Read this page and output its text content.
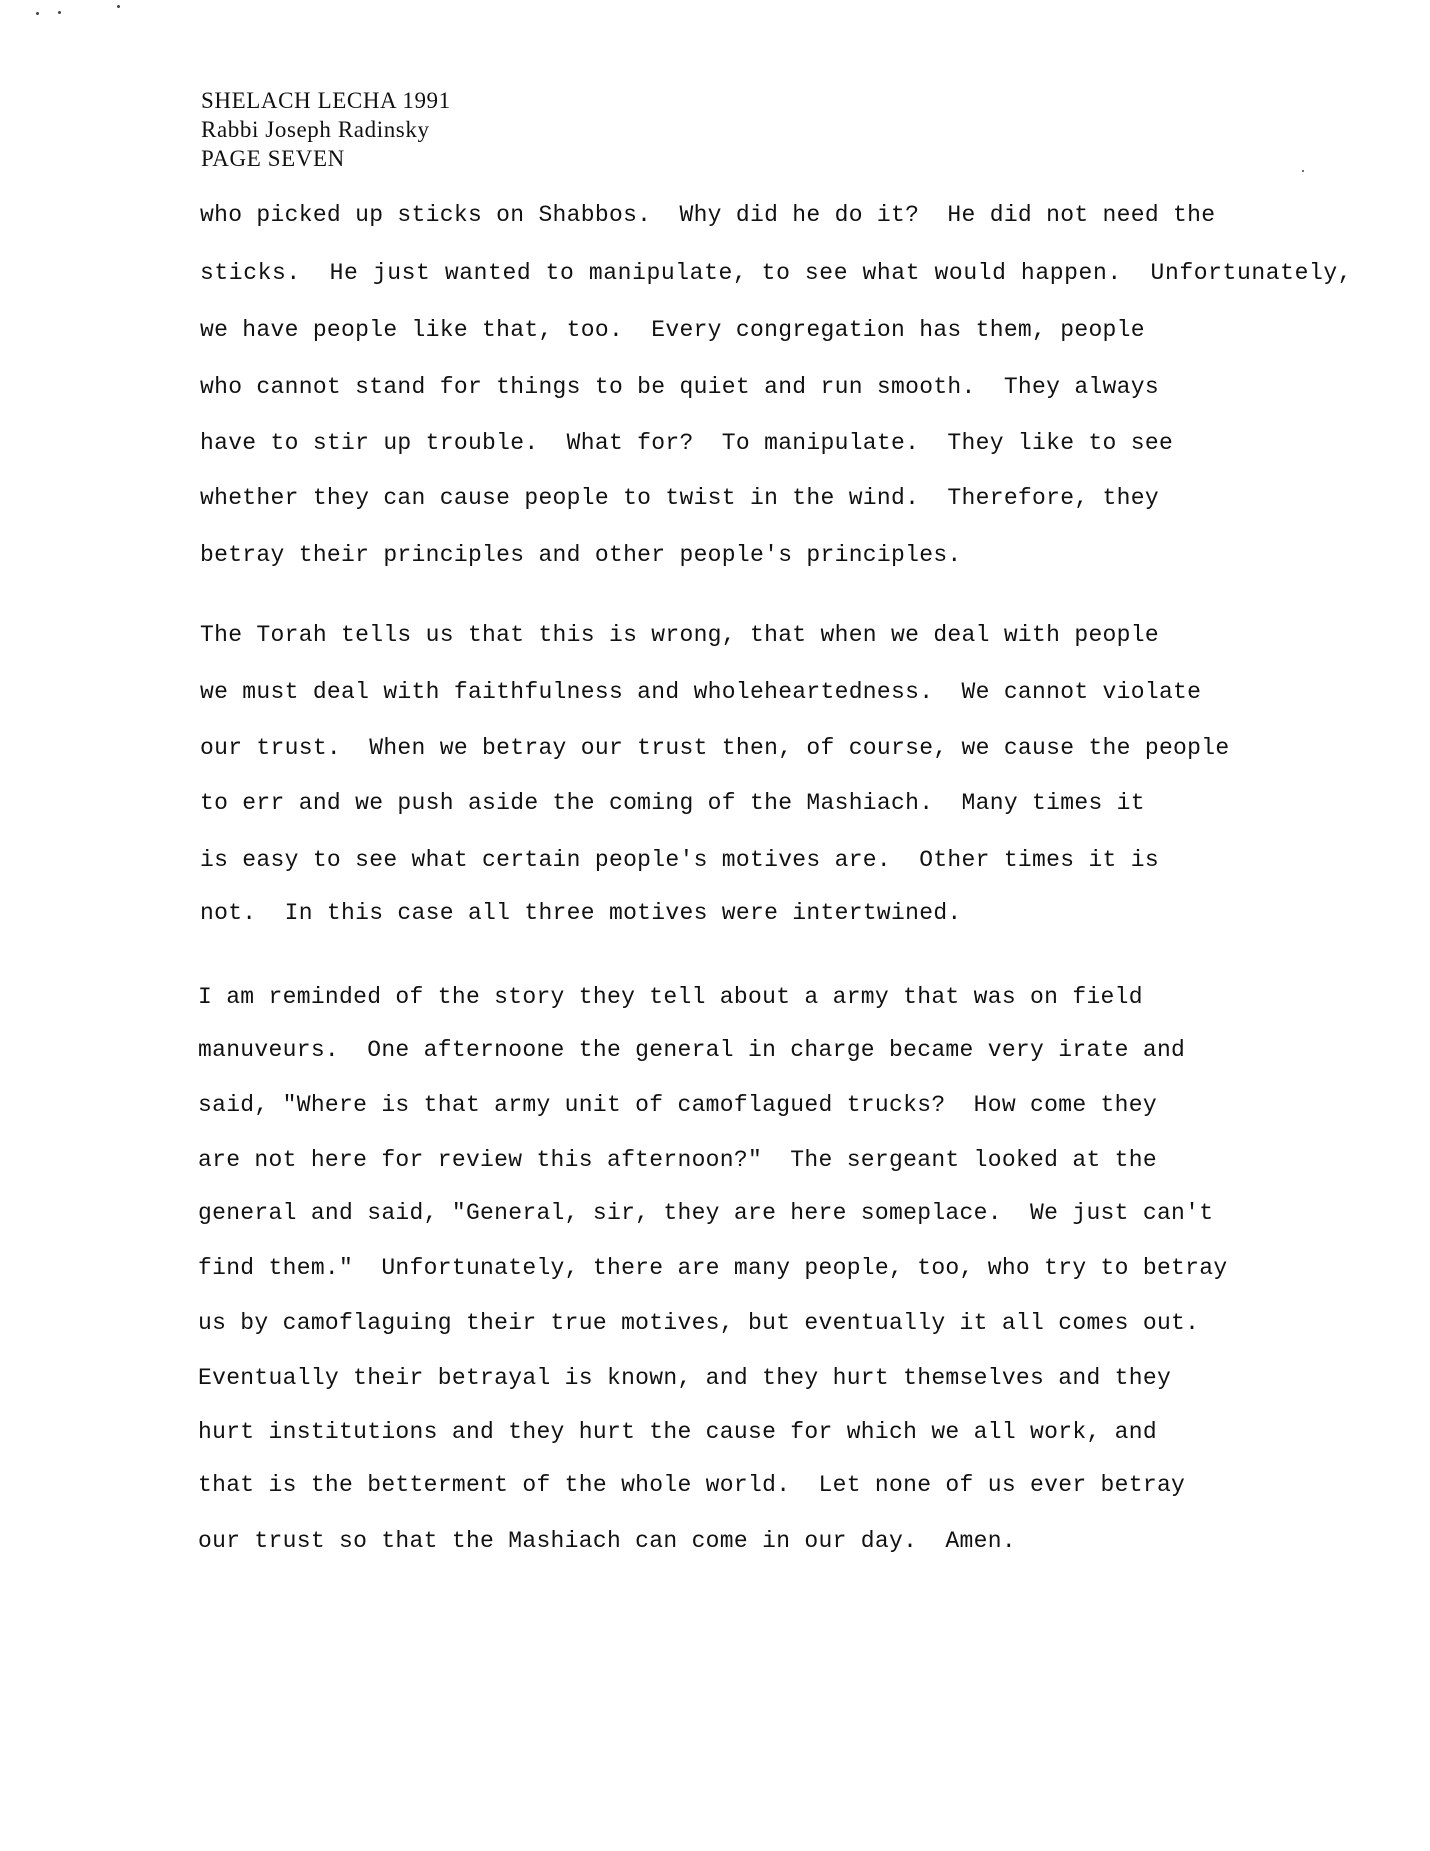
SHELACH LECHA 1991
Rabbi Joseph Radinsky
PAGE SEVEN
who picked up sticks on Shabbos.  Why did he do it?  He did not need the
sticks.  He just wanted to manipulate, to see what would happen.  Unfortunately,
we have people like that, too.  Every congregation has them, people
who cannot stand for things to be quiet and run smooth.  They always
have to stir up trouble.  What for?  To manipulate.  They like to see
whether they can cause people to twist in the wind.  Therefore, they
betray their principles and other people's principles.
The Torah tells us that this is wrong, that when we deal with people
we must deal with faithfulness and wholeheartedness.  We cannot violate
our trust.  When we betray our trust then, of course, we cause the people
to err and we push aside the coming of the Mashiach.  Many times it
is easy to see what certain people's motives are.  Other times it is
not.  In this case all three motives were intertwined.
I am reminded of the story they tell about a army that was on field
manuveurs.  One afternoone the general in charge became very irate and
said, "Where is that army unit of camoflagued trucks?  How come they
are not here for review this afternoon?"  The sergeant looked at the
general and said, "General, sir, they are here someplace.  We just can't
find them."  Unfortunately, there are many people, too, who try to betray
us by camoflaguing their true motives, but eventually it all comes out.
Eventually their betrayal is known, and they hurt themselves and they
hurt institutions and they hurt the cause for which we all work, and
that is the betterment of the whole world.  Let none of us ever betray
our trust so that the Mashiach can come in our day.  Amen.
